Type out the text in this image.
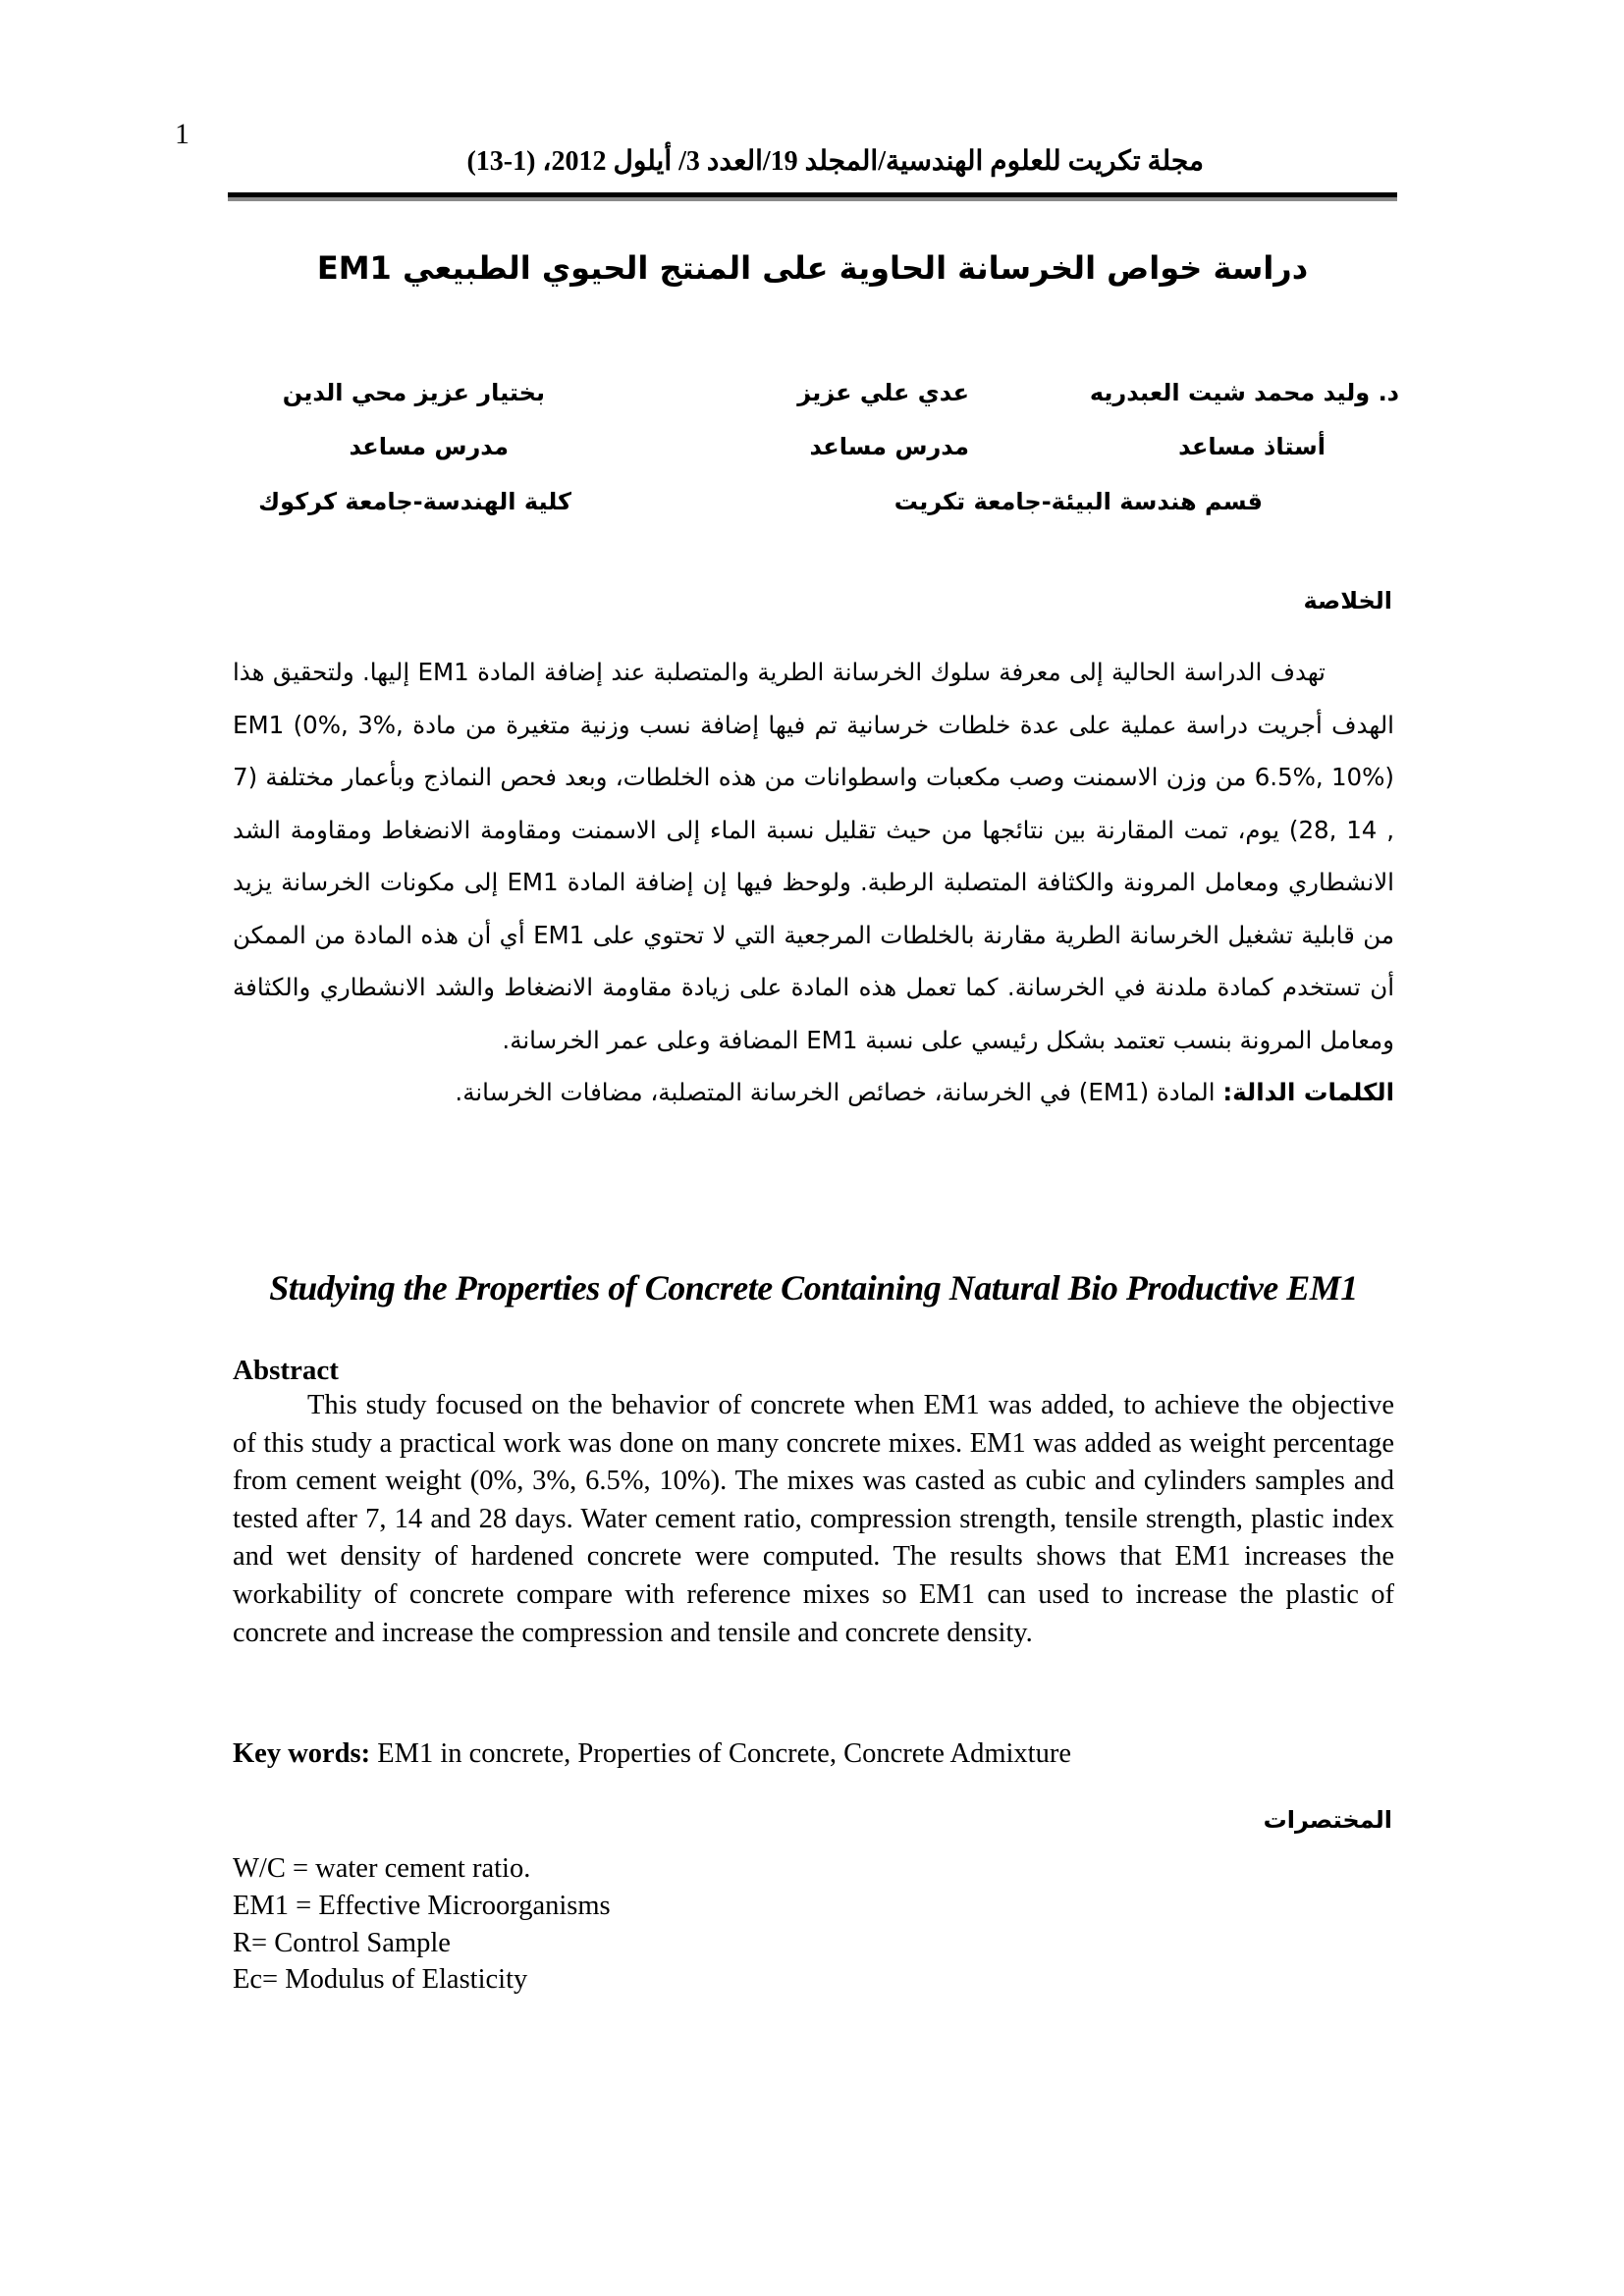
1
مجلة تكريت للعلوم الهندسية/المجلد 19/العدد 3/ أيلول 2012، (1-13)
دراسة خواص الخرسانة الحاوية على المنتج الحيوي الطبيعي EM1
د. وليد محمد شيت العبدريه
عدي علي عزيز
بختيار عزيز محي الدين
أستاذ مساعد
مدرس مساعد
مدرس مساعد
قسم هندسة البيئة-جامعة تكريت
كلية الهندسة-جامعة كركوك
الخلاصة

تهدف الدراسة الحالية إلى معرفة سلوك الخرسانة الطرية والمتصلبة عند إضافة المادة EM1 إليها. ولتحقيق هذا الهدف أجريت دراسة عملية على عدة خلطات خرسانية تم فيها إضافة نسب وزنية متغيرة من مادة EM1 (0%, 3%, 6.5%, 10%) من وزن الاسمنت وصب مكعبات واسطوانات من هذه الخلطات، وبعد فحص النماذج وبأعمار مختلفة (7 , 14 ,28) يوم، تمت المقارنة بين نتائجها من حيث تقليل نسبة الماء إلى الاسمنت ومقاومة الانضغاط ومقاومة الشد الانشطاري ومعامل المرونة والكثافة المتصلبة الرطبة. ولوحظ فيها إن إضافة المادة EM1 إلى مكونات الخرسانة يزيد من قابلية تشغيل الخرسانة الطرية مقارنة بالخلطات المرجعية التي لا تحتوي على EM1 أي أن هذه المادة من الممكن أن تستخدم كمادة ملدنة في الخرسانة. كما تعمل هذه المادة على زيادة مقاومة الانضغاط والشد الانشطاري والكثافة ومعامل المرونة بنسب تعتمد بشكل رئيسي على نسبة EM1 المضافة وعلى عمر الخرسانة.

الكلمات الدالة: المادة (EM1) في الخرسانة، خصائص الخرسانة المتصلبة، مضافات الخرسانة.

Studying the Properties of Concrete Containing Natural Bio Productive EM1
Abstract

This study focused on the behavior of concrete when EM1 was added, to achieve the objective of this study a practical work was done on many concrete mixes. EM1 was added as weight percentage from cement weight (0%, 3%, 6.5%, 10%). The mixes was casted as cubic and cylinders samples and tested after 7, 14 and 28 days. Water cement ratio, compression strength, tensile strength, plastic index and wet density of hardened concrete were computed. The results shows that EM1 increases the workability of concrete compare with reference mixes so EM1 can used to increase the plastic of concrete and increase the compression and tensile and concrete density.

Key words: EM1 in concrete, Properties of Concrete, Concrete Admixture
المختصرات
W/C = water cement ratio.
EM1 = Effective Microorganisms
R= Control Sample
Ec= Modulus of Elasticity
